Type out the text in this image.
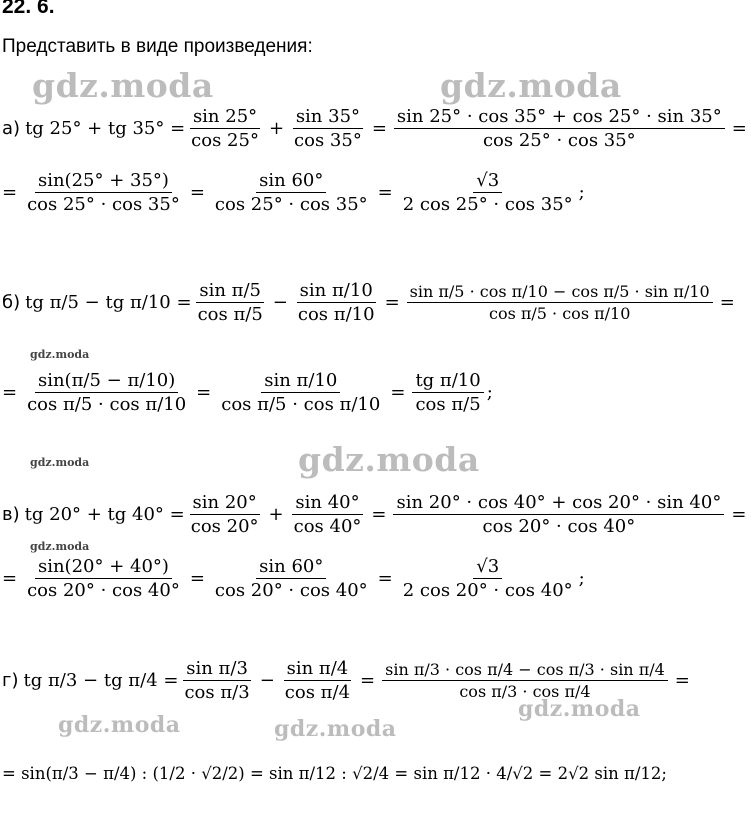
22. 6.
Представить в виде произведения:
gdz.moda	gdz.moda
gdz.moda
gdz.moda	gdz.moda
gdz.moda
gdz.moda	gdz.moda
gdz.moda
а) tg 25° + tg $35^\circ = \frac{\sin 25^\circ}{\cos 25^\circ} + \frac{\sin 35^\circ}{\cos 35^\circ} = \frac{\sin 25^\circ \cdot \cos 35^\circ + \cos 25^\circ \cdot \sin 35^\circ}{\cos 25^\circ \cdot \cos 35^\circ}$ =
= $\frac{\sin(25^\circ + 35^\circ)}{\cos 25^\circ \cdot \cos 35^\circ} = \frac{\sin 60^\circ}{\cos 25^\circ \cdot \cos 35^\circ} = \frac{√3}{2 \cos 25^\circ \cdot \cos 35^\circ}$ ;
б) tg π/5 − tg $\pi/10 = \frac{\text{sin π/5}}{\text{cos π/5}} - \frac{\text{sin π/10}}{\text{cos π/10}} = \frac{\text{sin π/5 · cos π/10 − cos π/5 · sin π/10}}{\text{cos π/5 · cos π/10}}$ =
= $\frac{\sin(\pi/5 - \pi/10)}{\text{cos π/5 · cos π/10}} = \frac{\text{sin π/10}}{\text{cos π/5 · cos π/10}} = \frac{\text{tg π/10}}{\text{cos π/5}}$ ;
в) tg 20° + tg $40^\circ = \frac{\sin 20^\circ}{\cos 20^\circ} + \frac{\sin 40^\circ}{\cos 40^\circ} = \frac{\sin 20^\circ \cdot \cos 40^\circ + \cos 20^\circ \cdot \sin 40^\circ}{\cos 20^\circ \cdot \cos 40^\circ}$ =
= $\frac{\sin(20^\circ + 40^\circ)}{\cos 20^\circ \cdot \cos 40^\circ} = \frac{\sin 60^\circ}{\cos 20^\circ \cdot \cos 40^\circ} = \frac{√3}{2 \cos 20^\circ \cdot \cos 40^\circ}$ ;
г) tg π/3 − tg $\pi/4 = \frac{\text{sin π/3}}{\text{cos π/3}} - \frac{\text{sin π/4}}{\text{cos π/4}} = \frac{\text{sin π/3 · cos π/4 − cos π/3 · sin π/4}}{\text{cos π/3 · cos π/4}}$ =
= sin(π/3 − π/4) : (1/2 · √2/2) = sin π/12 : √2/4 = sin π/12 · 4/√2 = 2√2 sin π/12;
